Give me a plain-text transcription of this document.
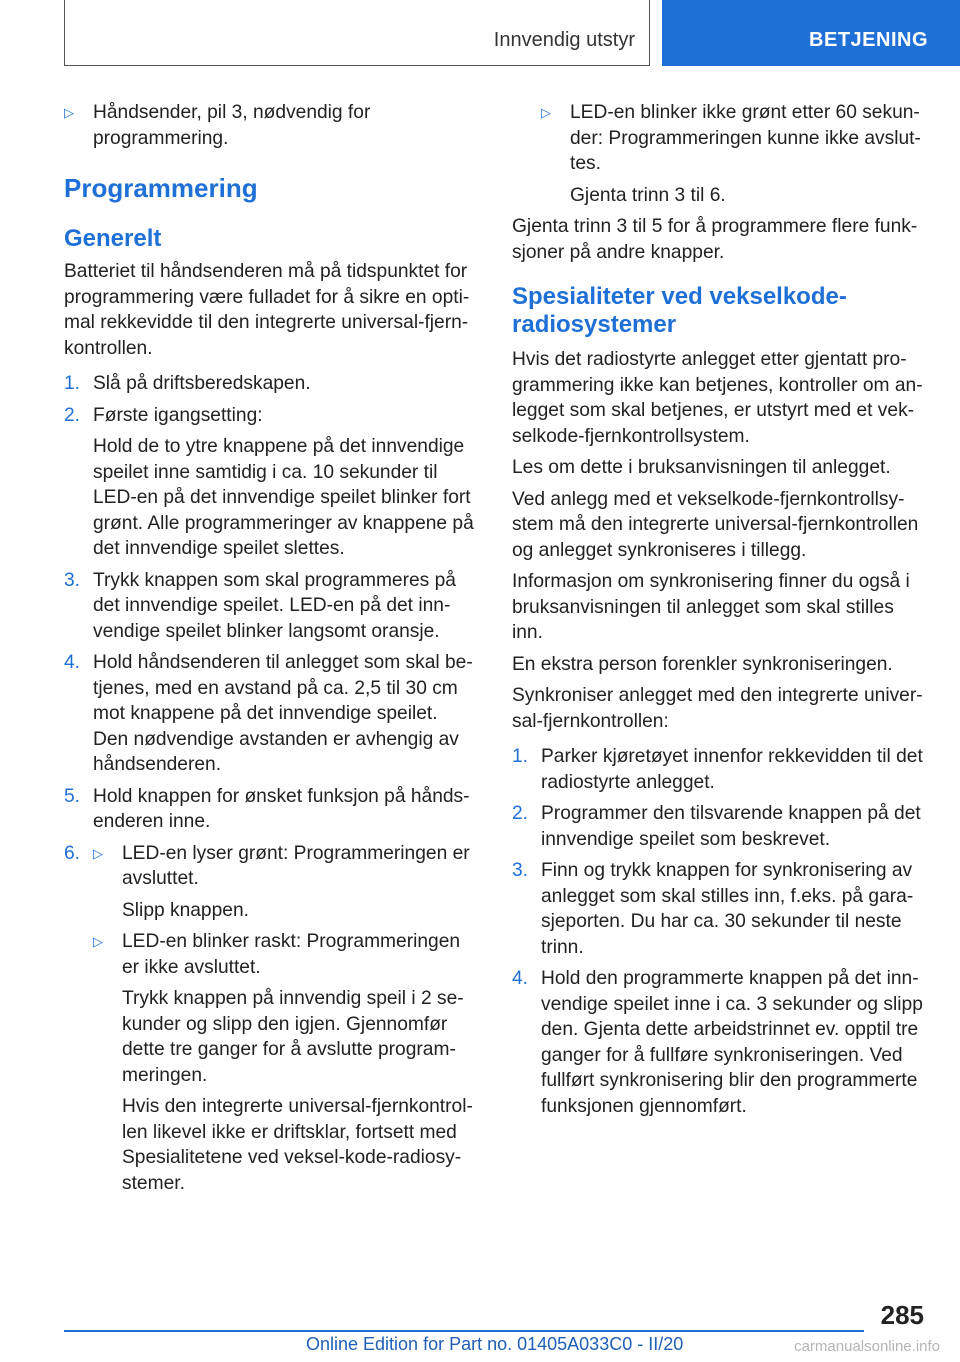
Innvendig utstyr	BETJENING
▷ Håndsender, pil 3, nødvendig for programmering.
Programmering
Generelt

Batteriet til håndsenderen må på tidspunktet for programmering være fulladet for å sikre en optimal rekkevidde til den integrerte universal-fjernkontrollen.

1. Slå på driftsberedskapen.
2. Første igangsetting:
Hold de to ytre knappene på det innvendige speilet inne samtidig i ca. 10 sekunder til LED-en på det innvendige speilet blinker fort grønt. Alle programmeringer av knappene på det innvendige speilet slettes.
3. Trykk knappen som skal programmeres på det innvendige speilet. LED-en på det innvendige speilet blinker langsomt oransje.
4. Hold håndsenderen til anlegget som skal betjenes, med en avstand på ca. 2,5 til 30 cm mot knappene på det innvendige speilet. Den nødvendige avstanden er avhengig av håndsenderen.
5. Hold knappen for ønsket funksjon på håndsenderen inne.
6. ▷ LED-en lyser grønt: Programmeringen er avsluttet.
Slipp knappen.
▷ LED-en blinker raskt: Programmeringen er ikke avsluttet.
Trykk knappen på innvendig speil i 2 sekunder og slipp den igjen. Gjennomfør dette tre ganger for å avslutte programmeringen.
Hvis den integrerte universal-fjernkontrollen likevel ikke er driftsklar, fortsett med Spesialitetene ved veksel-kode-radiosystemer.
▷ LED-en blinker ikke grønt etter 60 sekunder: Programmeringen kunne ikke avsluttes.
Gjenta trinn 3 til 6.

Gjenta trinn 3 til 5 for å programmere flere funksjoner på andre knapper.

Spesialiteter ved vekselkode-radiosystemer

Hvis det radiostyrte anlegget etter gjentatt programmering ikke kan betjenes, kontroller om anlegget som skal betjenes, er utstyrt med et vekselkode-fjernkontrollsystem.

Les om dette i bruksanvisningen til anlegget.

Ved anlegg med et vekselkode-fjernkontrollsystem må den integrerte universal-fjernkontrollen og anlegget synkroniseres i tillegg.

Informasjon om synkronisering finner du også i bruksanvisningen til anlegget som skal stilles inn.

En ekstra person forenkler synkroniseringen.

Synkroniser anlegget med den integrerte universal-fjernkontrollen:

1. Parker kjøretøyet innenfor rekkevidden til det radiostyrte anlegget.
2. Programmer den tilsvarende knappen på det innvendige speilet som beskrevet.
3. Finn og trykk knappen for synkronisering av anlegget som skal stilles inn, f.eks. på garasjeporten. Du har ca. 30 sekunder til neste trinn.
4. Hold den programmerte knappen på det innvendige speilet inne i ca. 3 sekunder og slipp den. Gjenta dette arbeidstrinnet ev. opptil tre ganger for å fullføre synkroniseringen. Ved fullført synkronisering blir den programmerte funksjonen gjennomført.
285
Online Edition for Part no. 01405A033C0 - II/20	carmanualsonline.info
